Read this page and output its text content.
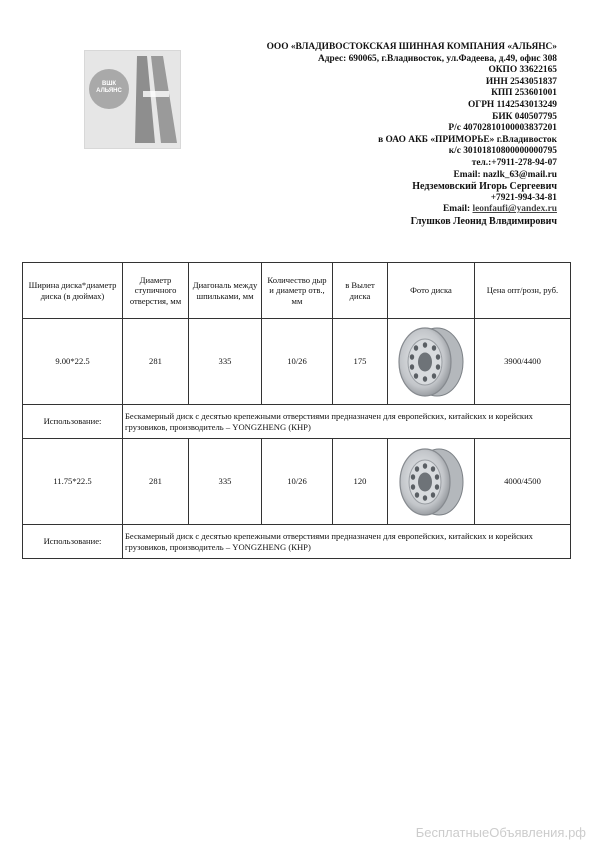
ВШК АЛЬЯНС
ООО «ВЛАДИВОСТОКСКАЯ ШИННАЯ КОМПАНИЯ «АЛЬЯНС»
Адрес: 690065, г.Владивосток, ул.Фадеева, д.49, офис 308
ОКПО 33622165
ИНН 2543051837
КПП 253601001
ОГРН 1142543013249
БИК 040507795
Р/с 40702810100003837201
в ОАО АКБ «ПРИМОРЬЕ» г.Владивосток
к/с 30101810800000000795
тел.:+7911-278-94-07
Email: nazlk_63@mail.ru
Недземовский Игорь Сергеевич
+7921-994-34-81
Email: leonfaufi@yandex.ru
Глушков Леонид Влвдимирович
Ширина диска*диаметр диска (в дюймах)	Диаметр ступичного отверстия, мм	Диагональ между шпильками, мм	Количество дыр и диаметр отв., мм	в Вылет диска	Фото диска	Цена опт/розн, руб.
9.00*22.5	281	335	10/26	175		3900/4400
Использование:	Бескамерный диск с десятью крепежными отверстиями предназначен для европейских, китайских и корейских грузовиков, производитель – YONGZHENG (КНР)					
11.75*22.5	281	335	10/26	120		4000/4500
Использование:	Бескамерный диск с десятью крепежными отверстиями предназначен для европейских, китайских и корейских грузовиков, производитель – YONGZHENG (КНР)					
БесплатныеОбъявления.рф
